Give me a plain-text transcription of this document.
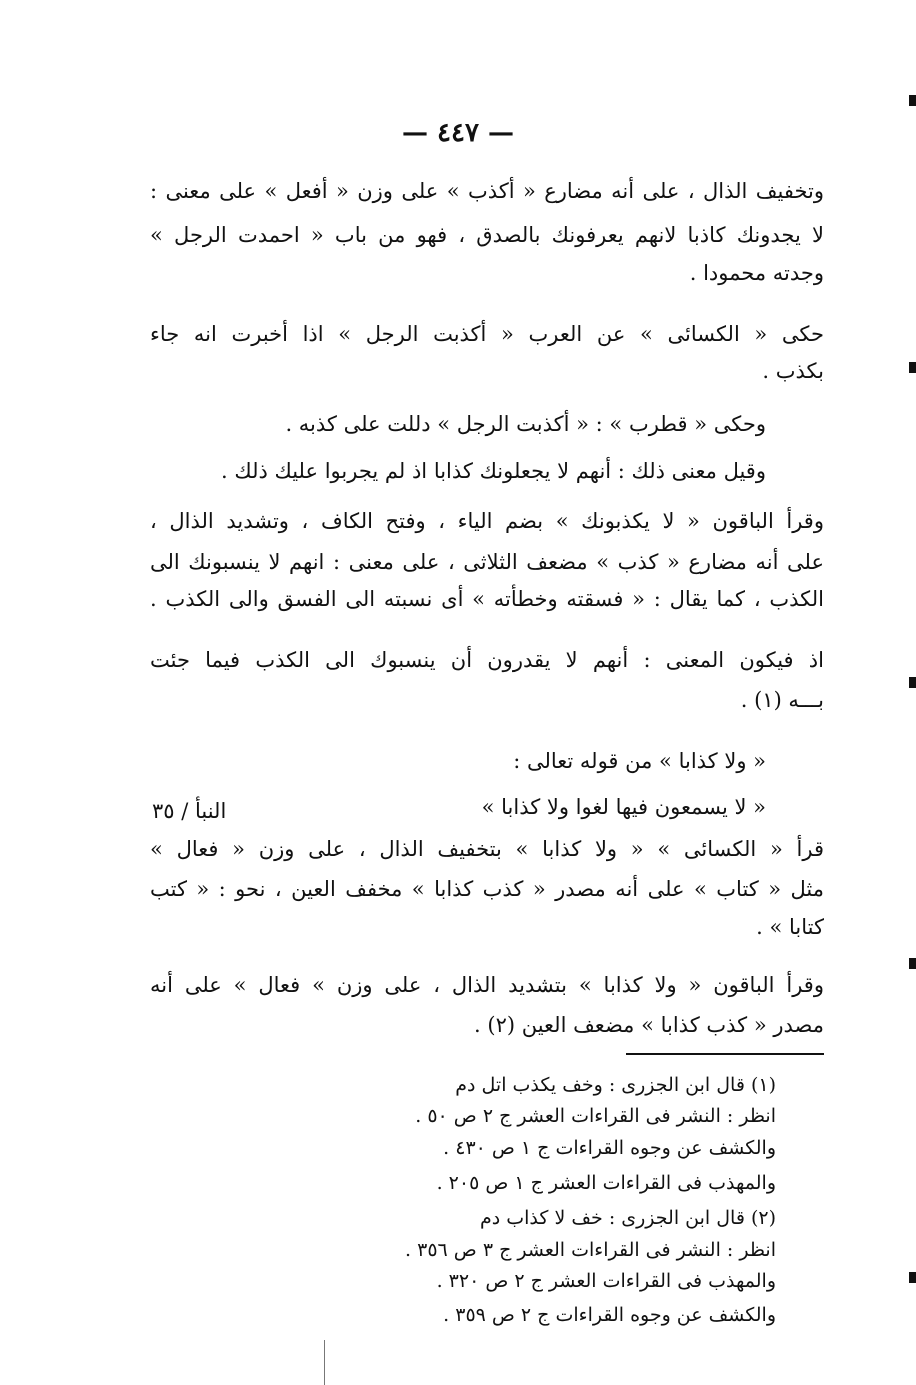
— ٤٤٧ —
وتخفيف الذال ، على أنه مضارع « أكذب » على وزن « أفعل » على معنى :
لا يجدونك كاذبا لانهم يعرفونك بالصدق ، فهو من باب « احمدت الرجل »
وجدته محمودا .
حكى « الكسائى » عن العرب « أكذبت الرجل » اذا أخبرت انه جاء
بكذب .
وحكى « قطرب » : « أكذبت الرجل » دللت على كذبه .
وقيل معنى ذلك : أنهم لا يجعلونك كذابا اذ لم يجربوا عليك ذلك .
وقرأ الباقون « لا يكذبونك » بضم الياء ، وفتح الكاف ، وتشديد الذال ،
على أنه مضارع « كذب » مضعف الثلاثى ، على معنى : انهم لا ينسبونك الى
الكذب ، كما يقال : « فسقته وخطأته » أى نسبته الى الفسق والى الكذب .
اذ فيكون المعنى : أنهم لا يقدرون أن ينسبوك الى الكذب فيما جئت
بـــه (١) .
« ولا كذابا » من قوله تعالى :
« لا يسمعون فيها لغوا ولا كذابا »
النبأ / ٣٥
قرأ « الكسائى » « ولا كذابا » بتخفيف الذال ، على وزن « فعال »
مثل « كتاب » على أنه مصدر « كذب كذابا » مخفف العين ، نحو : « كتب
كتابا » .
وقرأ الباقون « ولا كذابا » بتشديد الذال ، على وزن » فعال » على أنه
مصدر « كذب كذابا » مضعف العين (٢) .
(١) قال ابن الجزرى : وخف يكذب اتل دم
انظر : النشر فى القراءات العشر ج ٢ ص ٥٠ .
والكشف عن وجوه القراءات ج ١ ص ٤٣٠ .
والمهذب فى القراءات العشر ج ١ ص ٢٠٥ .
(٢) قال ابن الجزرى : خف لا كذاب دم
انظر : النشر فى القراءات العشر ج ٣ ص ٣٥٦ .
والمهذب فى القراءات العشر ج ٢ ص ٣٢٠ .
والكشف عن وجوه القراءات ج ٢ ص ٣٥٩ .
